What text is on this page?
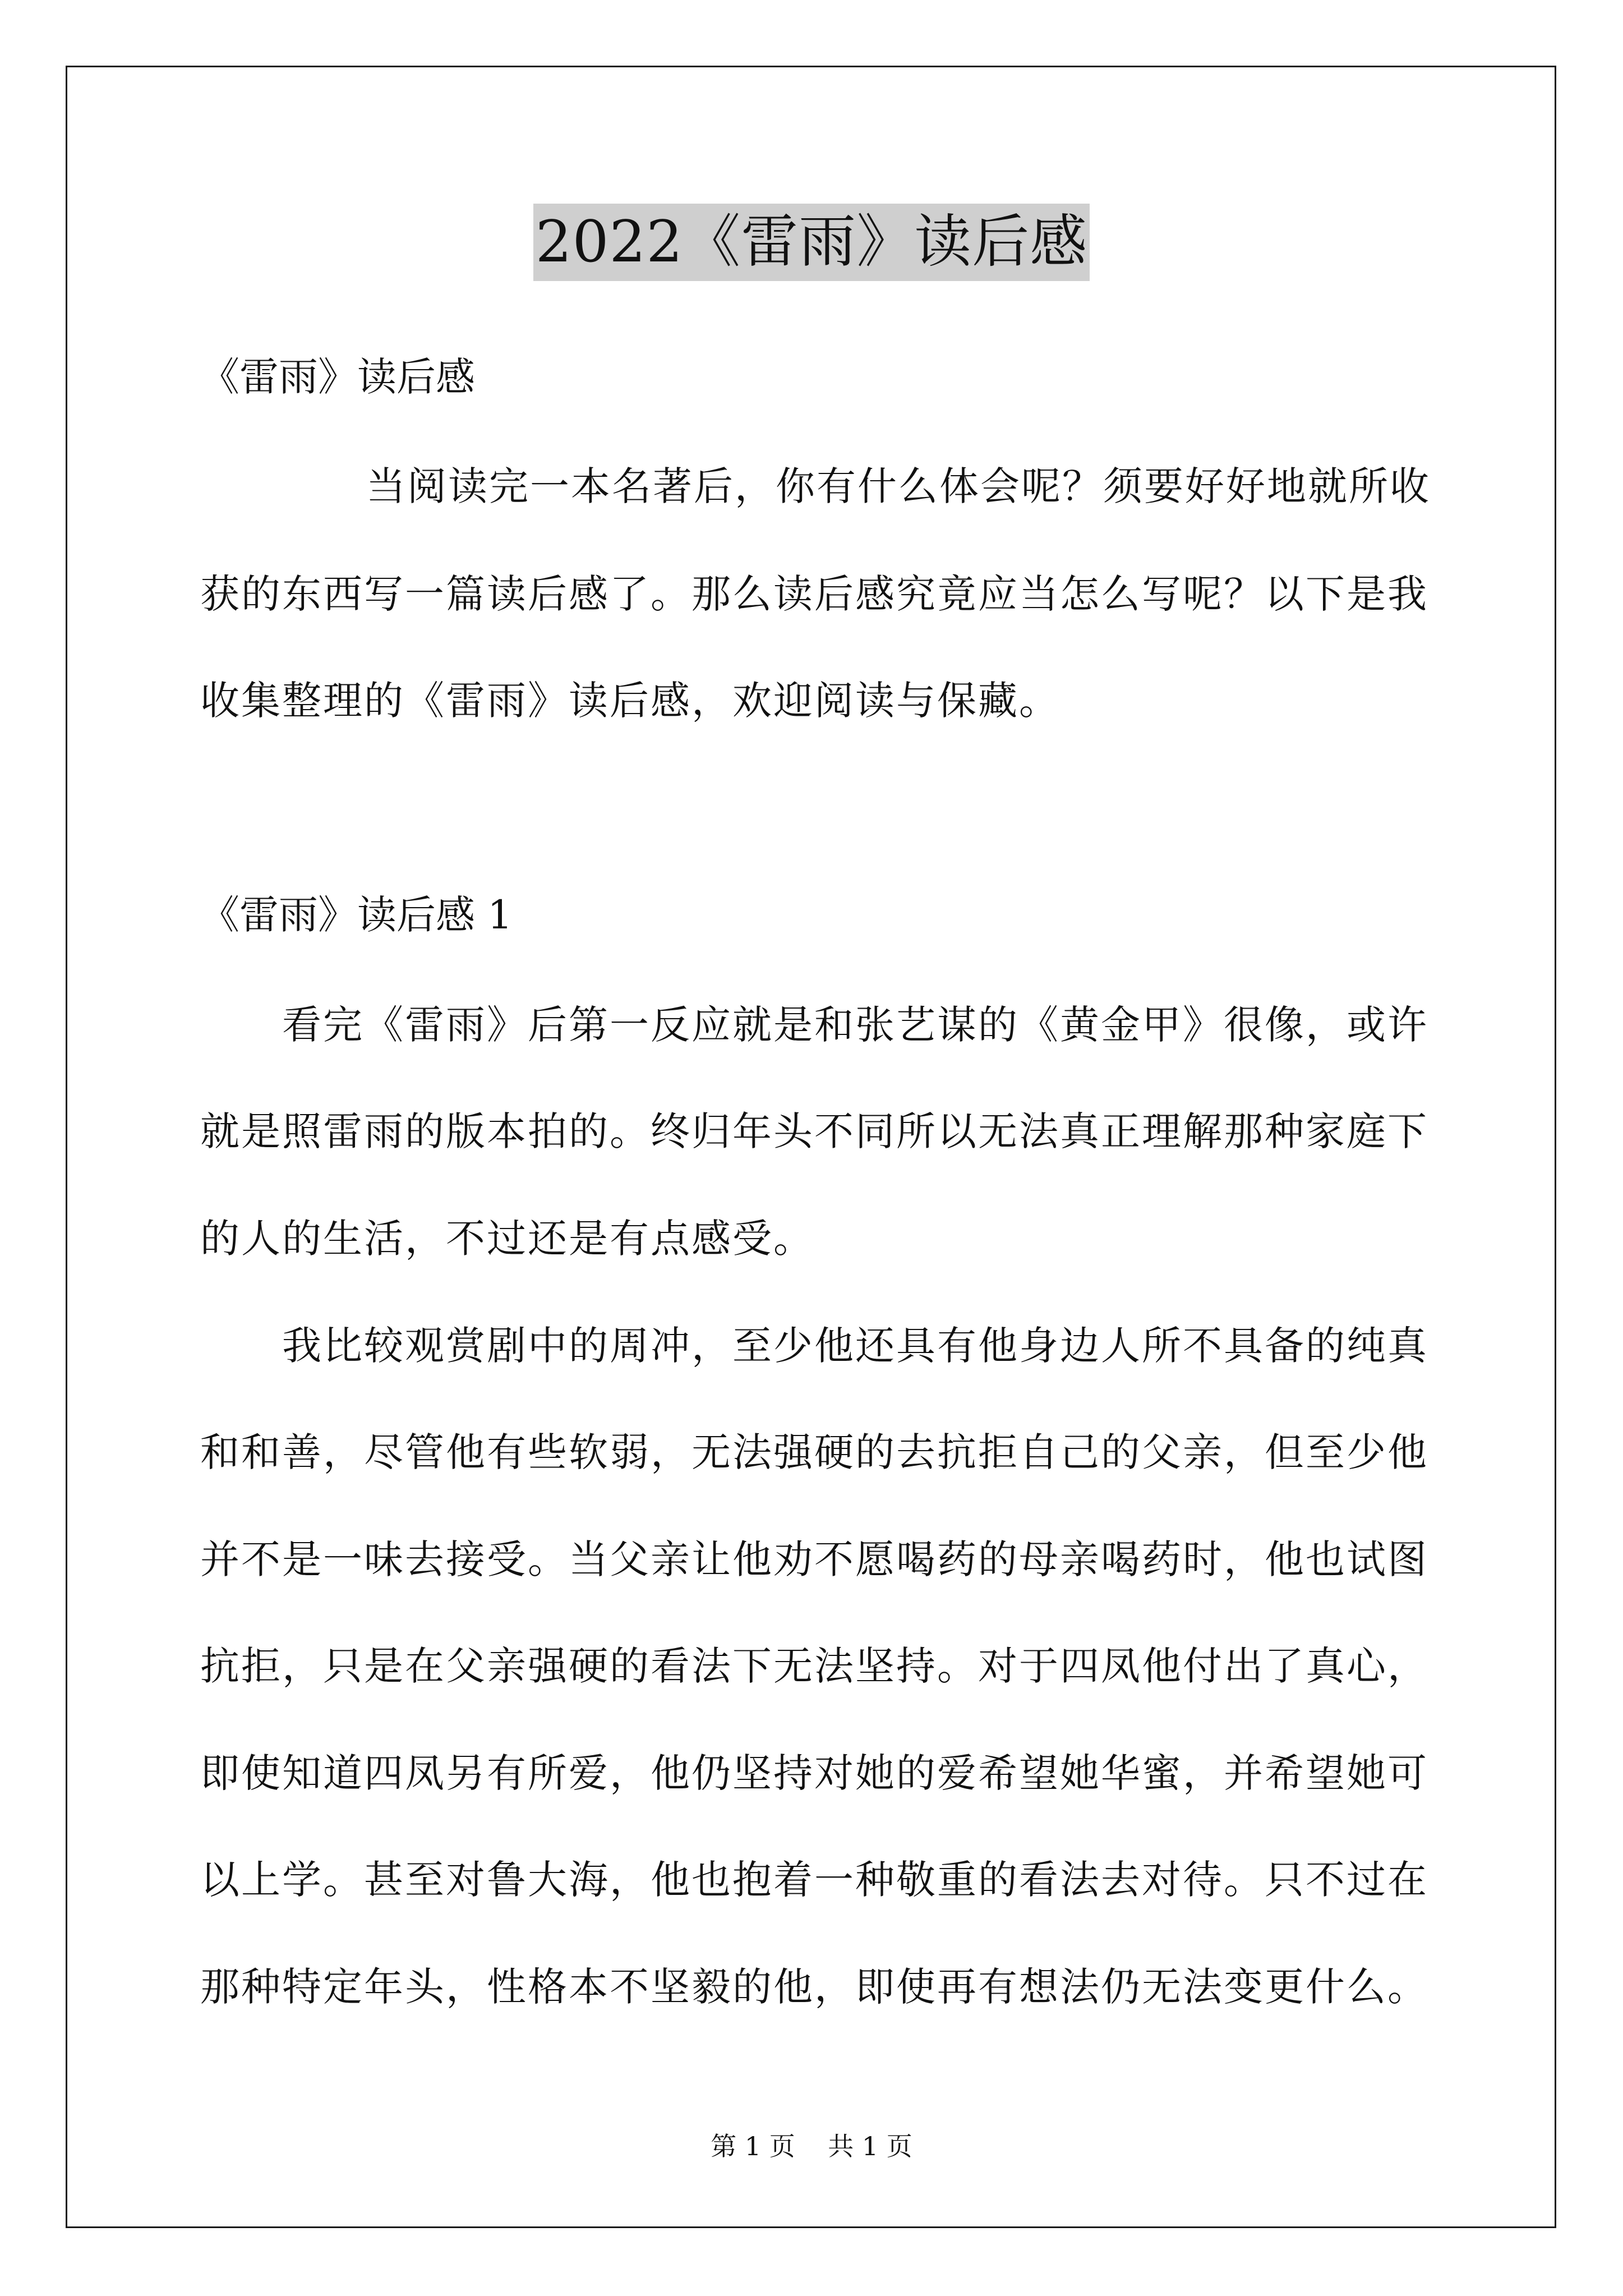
2022《雷雨》读后感
《雷雨》读后感
当阅读完一本名著后，你有什么体会呢？须要好好地就所收
获的东西写一篇读后感了。那么读后感究竟应当怎么写呢？以下是我
收集整理的《雷雨》读后感，欢迎阅读与保藏。
《雷雨》读后感 1
看完《雷雨》后第一反应就是和张艺谋的《黄金甲》很像，或许
就是照雷雨的版本拍的。终归年头不同所以无法真正理解那种家庭下
的人的生活，不过还是有点感受。
我比较观赏剧中的周冲，至少他还具有他身边人所不具备的纯真
和和善，尽管他有些软弱，无法强硬的去抗拒自己的父亲，但至少他
并不是一味去接受。当父亲让他劝不愿喝药的母亲喝药时，他也试图
抗拒，只是在父亲强硬的看法下无法坚持。对于四凤他付出了真心，
即使知道四凤另有所爱，他仍坚持对她的爱希望她华蜜，并希望她可
以上学。甚至对鲁大海，他也抱着一种敬重的看法去对待。只不过在
那种特定年头，性格本不坚毅的他，即使再有想法仍无法变更什么。
第 1 页    共 1 页
